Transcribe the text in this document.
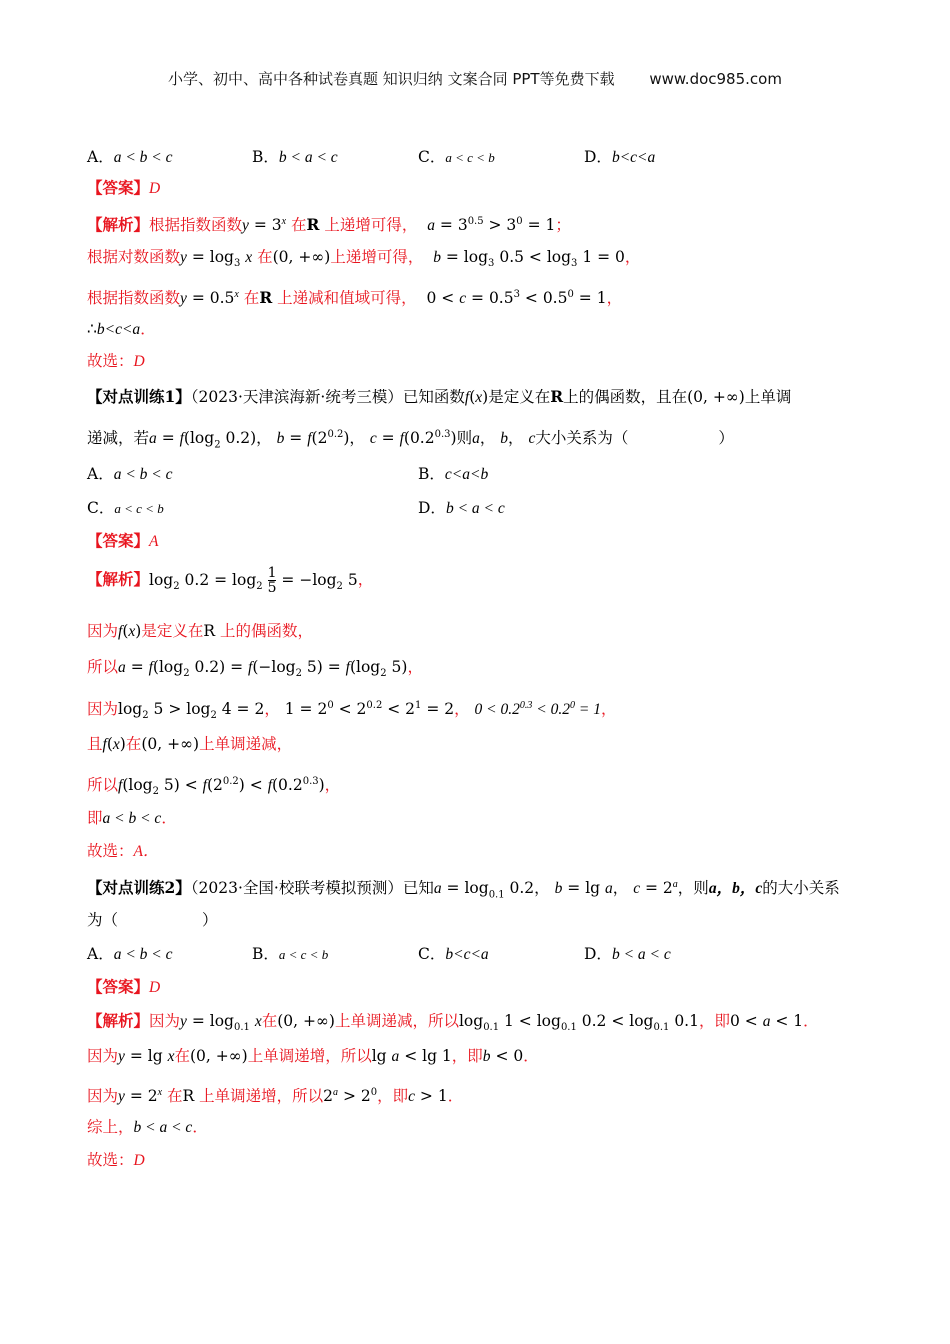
小学、初中、高中各种试卷真题 知识归纳 文案合同 PPT等免费下载 www.doc985.com
A．a < b < c	B．b < a < c	C．a < c < b	D．b<c<a
【答案】D
【解析】根据指数函数$y = 3^x$ 在R 上递增可得， $a = 3^{0.5} > 3^0 = 1$；
根据对数函数$y = \log_3 x$ 在(0, +∞)上递增可得， $b = \log_3 0.5 < \log_3 1 = 0$，
根据指数函数$y = 0.5^x$ 在R 上递减和值域可得， $0 < c = 0.5^3 < 0.5^0 = 1$，
∴b<c<a．
故选：D
【对点训练1】（2023·天津滨海新·统考三模）已知函数f(x)是定义在R上的偶函数，且在(0, +∞)上单调
递减，若$a = f(\log_2$ 0.2)， $b = f(2^{0.2})$， $c = f(0.2^{0.3})$则a， b， c大小关系为（	）
A．a < b < c	B．c<a<b
C．a < c < b	D．b < a < c
【答案】A
【解析】$\log_2 0.2 = \log_2 \frac{1}{5} = -\log_2$ 5，
因为f(x)是定义在R 上的偶函数，
所以$a = f(\log_2$ $0.2) = f(-\log_2$ $5) = f(\log_2$ 5)，
因为$\log_2 5 > \log_2 4 = 2$， $1 = 2^0 < 2^{0.2} < 2^1 = 2$， $0 < 0.2^{0.3} < 0.2^0 = 1$，
且f(x)在(0, +∞)上单调递减，
所以$f(\log_2$ $5) < f(2^{0.2}) < f(0.2^{0.3})$，
即a < b < c．
故选：A．
【对点训练2】（2023·全国·校联考模拟预测）已知$a = \log_{0.1} 0.2$， b = lg a， $c = 2^a$，则a，b，c的大小关系
为（	）
A．a < b < c	B．a < c < b	C．b<c<a	D．b < a < c
【答案】D
【解析】因为$y = \log_{0.1} x$在(0, +∞)上单调递减，所以$\log_{0.1} 1 < \log_{0.1} 0.2 < \log_{0.1} 0.1$，即0 < a < 1．
因为y = lg x在(0, +∞)上单调递增，所以lg a < lg 1，即b < 0．
因为$y = 2^x$ 在R 上单调递增，所以$2^a > 2^0$，即c > 1．
综上，b < a < c．
故选：D
